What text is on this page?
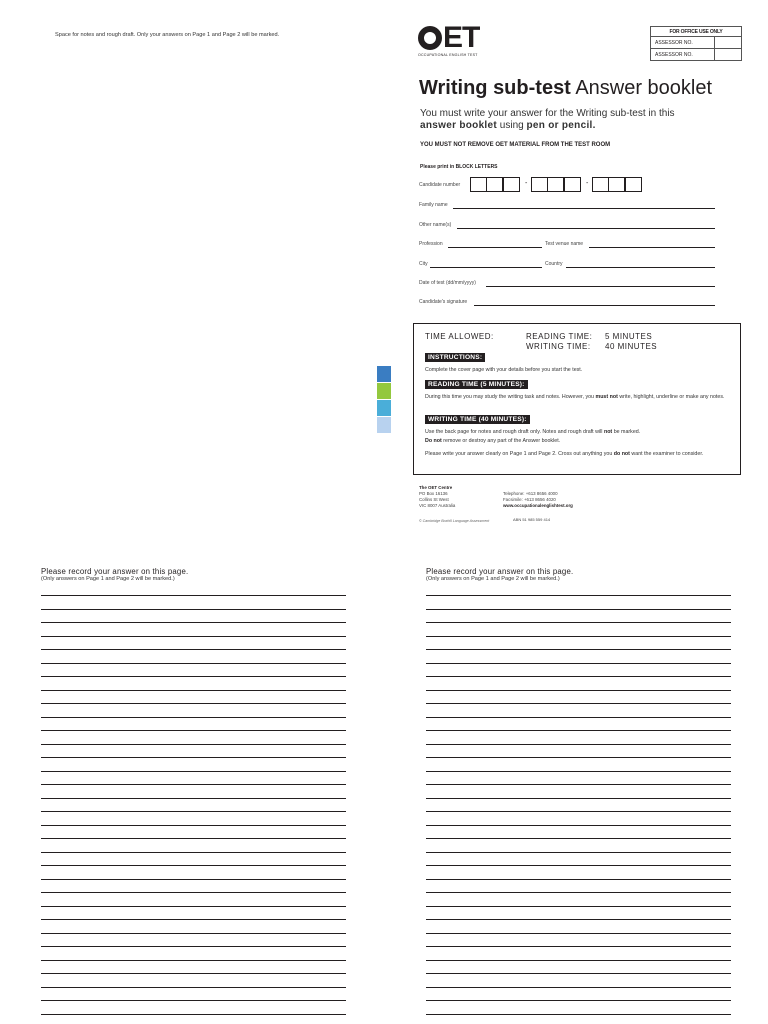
Space for notes and rough draft. Only your answers on Page 1 and Page 2 will be marked.	ET
OCCUPATIONAL ENGLISH TEST
FOR OFFICE USE ONLY	
ASSESSOR NO.	
ASSESSOR NO.	
Writing sub-test Answer booklet
You must write your answer for the Writing sub-test in this
answer booklet using pen or pencil.
YOU MUST NOT REMOVE OET MATERIAL FROM THE TEST ROOM
Please print in BLOCK LETTERS
Candidate number	-	-
Family name
Other name(s)
Profession	Test venue name
City	Country
Date of test (dd/mm/yyyy)
Candidate's signature
TIME ALLOWED:	READING TIME: 5 MINUTES
WRITING TIME: 40 MINUTES
INSTRUCTIONS:
Complete the cover page with your details before you start the test.
READING TIME (5 MINUTES):
During this time you may study the writing task and notes. However, you must not write, highlight, underline or make any notes.
WRITING TIME (40 MINUTES):
Use the back page for notes and rough draft only. Notes and rough draft will not be marked.
Do not remove or destroy any part of the Answer booklet.
Please write your answer clearly on Page 1 and Page 2. Cross out anything you do not want the examiner to consider.
The OET Centre
PO Box 16136
Collins St West
VIC 8007 Australia
Telephone: +613 8656 4000
Facsimile: +613 8656 4020
www.occupationalenglishtest.org
© Cambridge Boxhill Language Assessment	ABN 51 985 559 414
Please record your answer on this page.
(Only answers on Page 1 and Page 2 will be marked.)
Please record your answer on this page.
(Only answers on Page 1 and Page 2 will be marked.)
